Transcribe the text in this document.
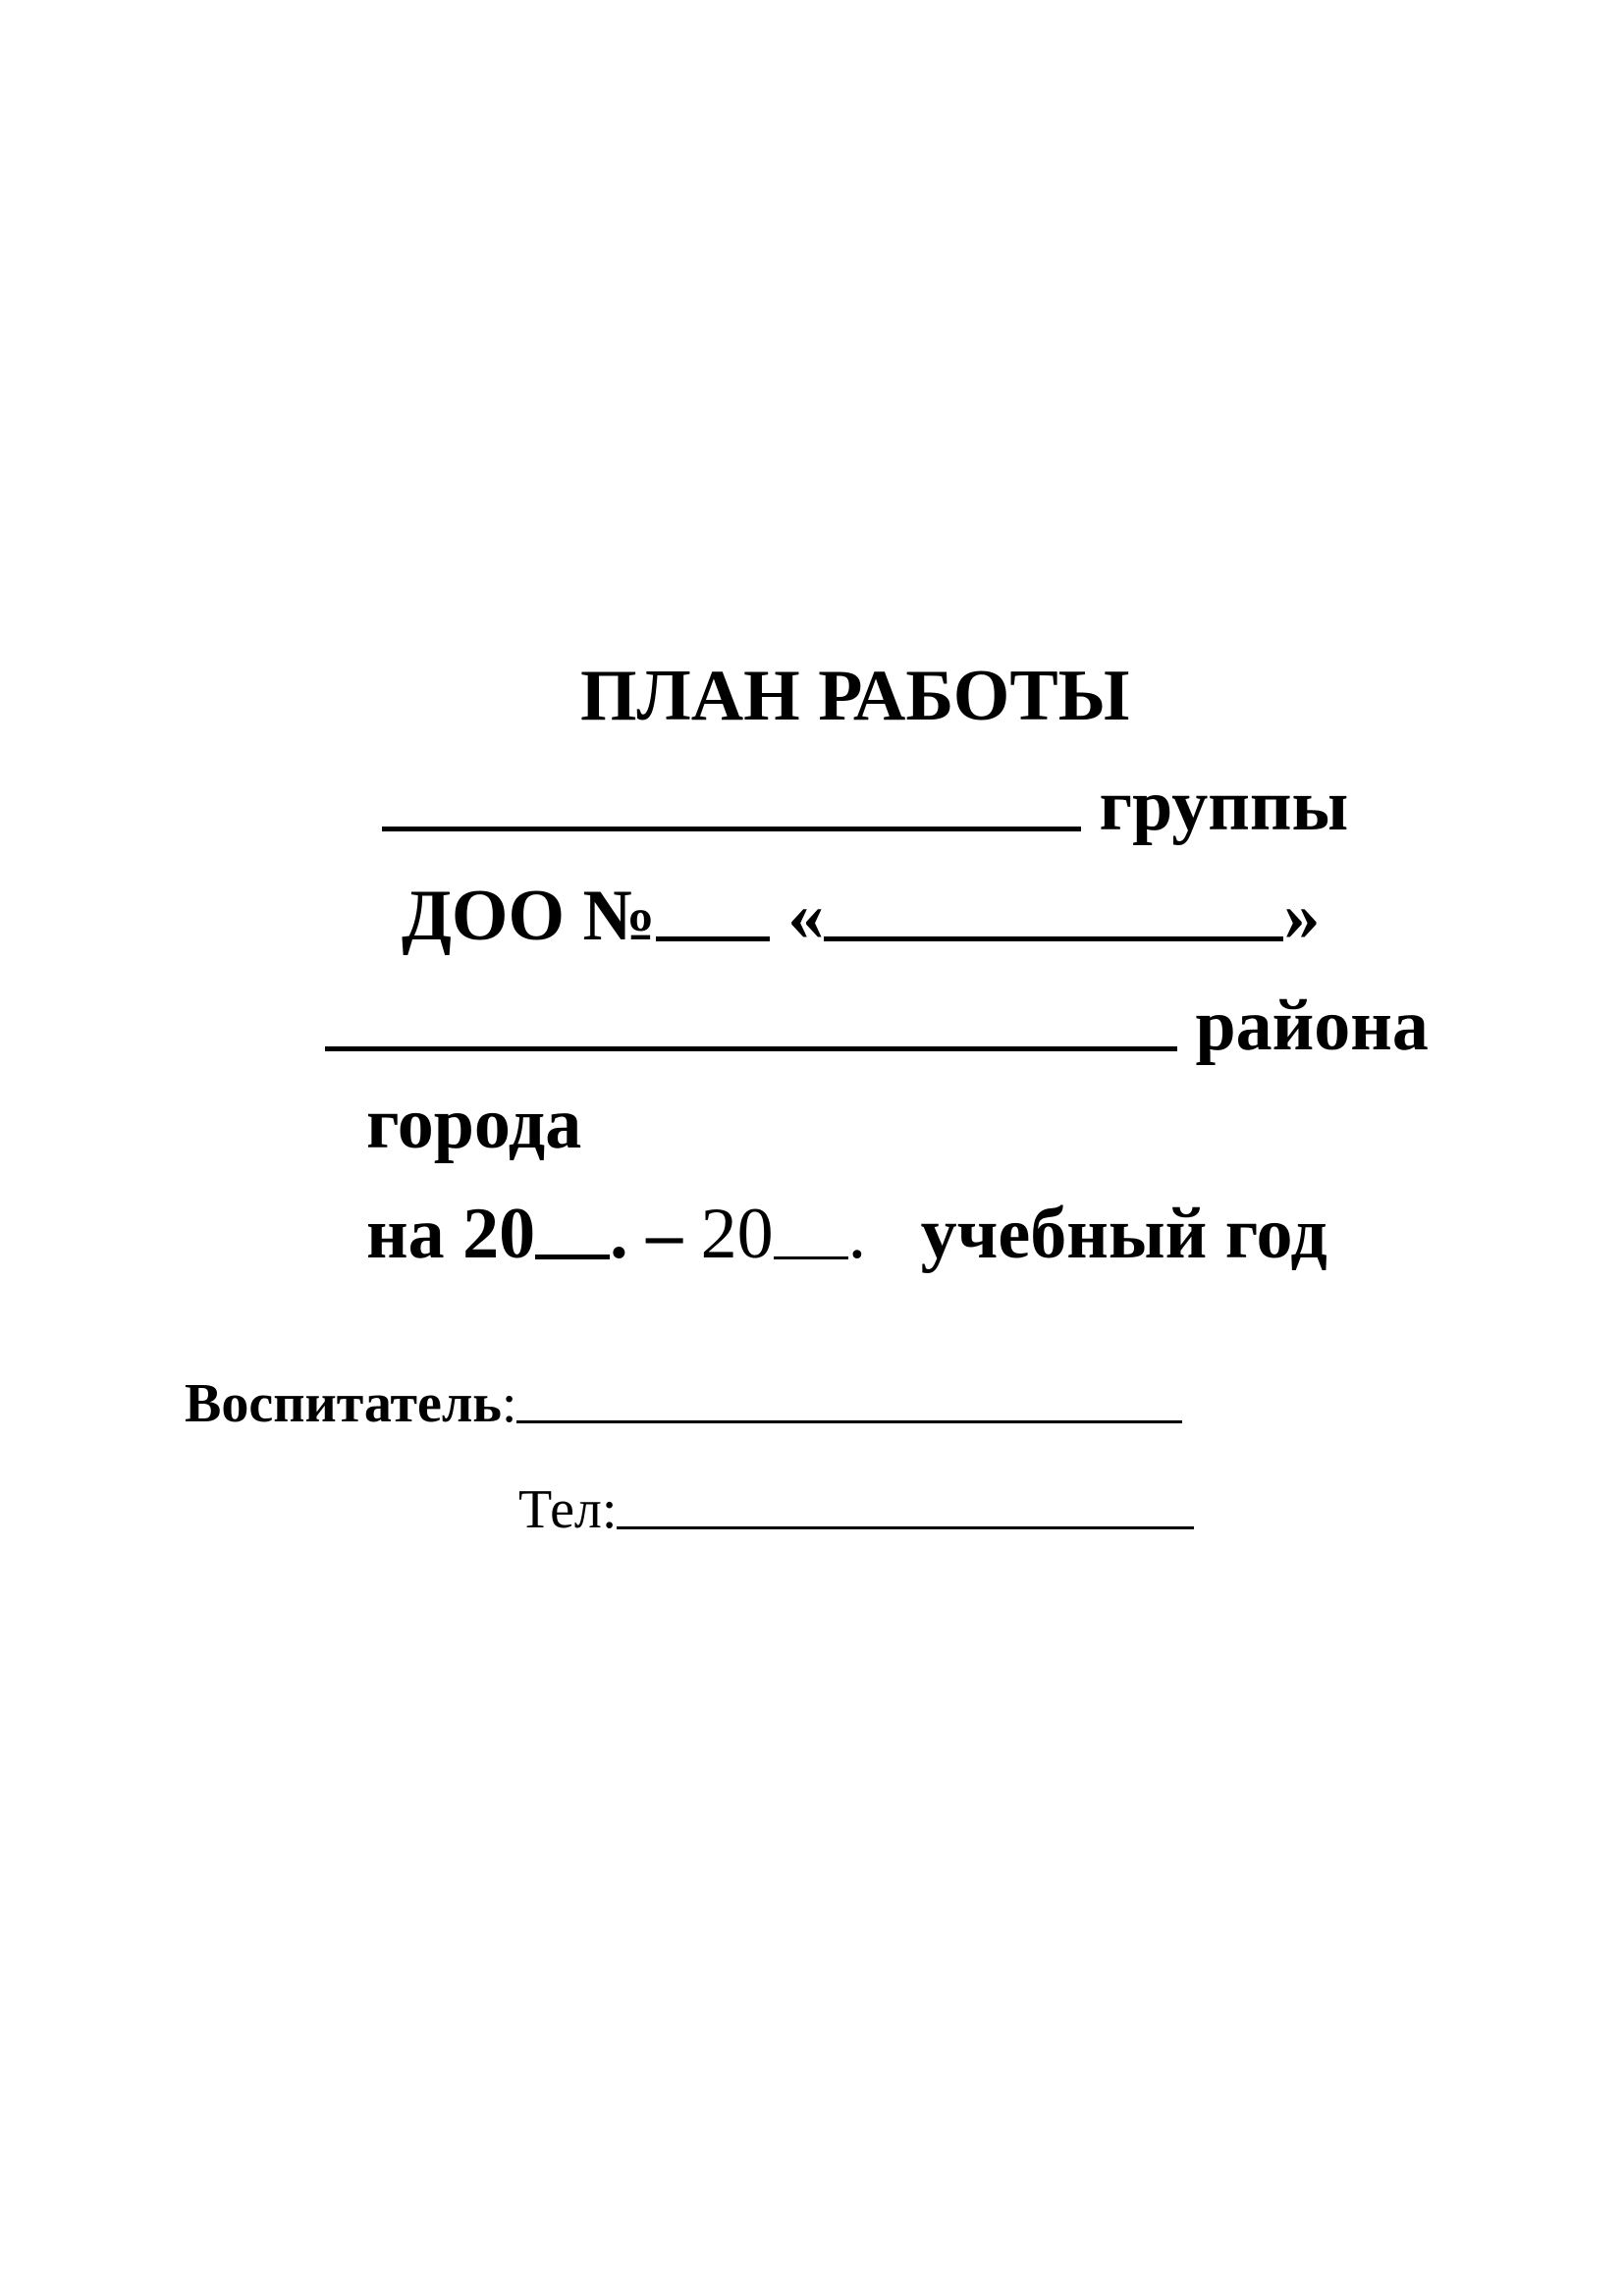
ПЛАН РАБОТЫ

группы

ДОО № «	»

района

города

на 20 . – 20 . учебный год

Воспитатель:

Тел:
